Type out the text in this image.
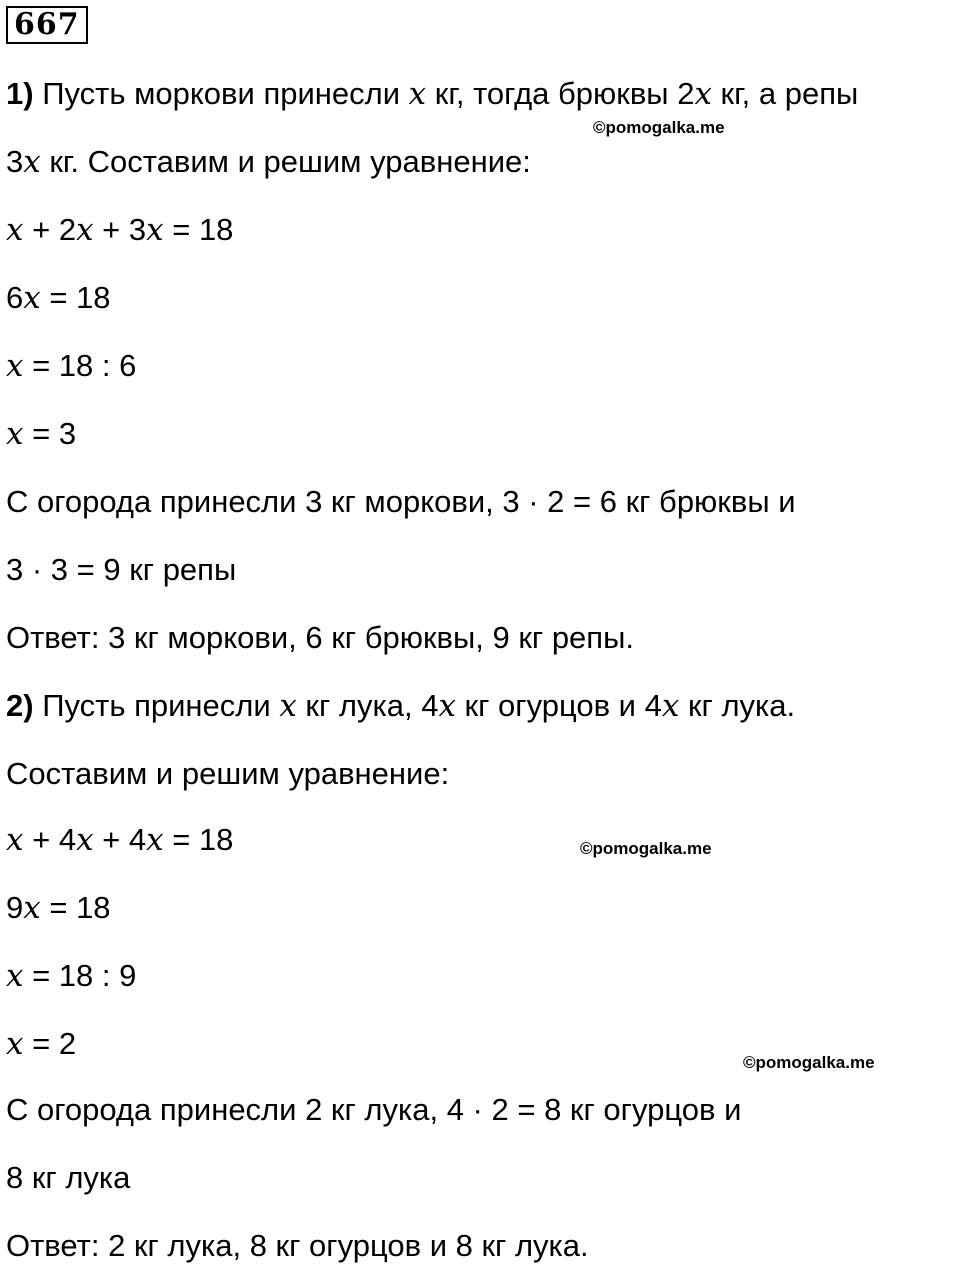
667
1) Пусть моркови принесли x кг, тогда брюквы 2x кг, а репы
©pomogalka.me
3x кг. Составим и решим уравнение:
x + 2x + 3x = 18
6x = 18
x = 18 : 6
x = 3
С огорода принесли 3 кг моркови, 3 · 2 = 6 кг брюквы и
3 · 3 = 9 кг репы
Ответ: 3 кг моркови, 6 кг брюквы, 9 кг репы.
2) Пусть принесли x кг лука, 4x кг огурцов и 4x кг лука.
Составим и решим уравнение:
x + 4x + 4x = 18	©pomogalka.me
9x = 18
x = 18 : 9
x = 2
©pomogalka.me
С огорода принесли 2 кг лука, 4 · 2 = 8 кг огурцов и
8 кг лука
Ответ: 2 кг лука, 8 кг огурцов и 8 кг лука.
